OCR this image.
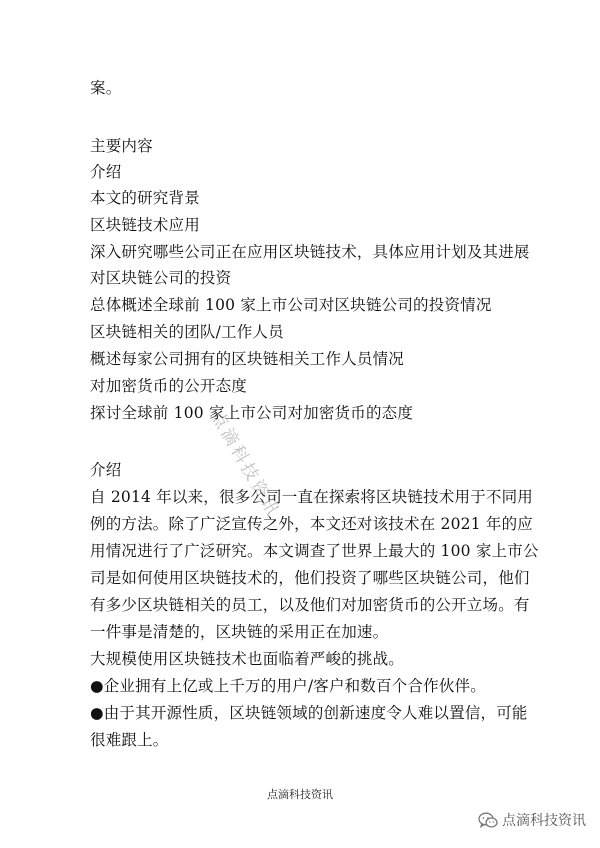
案。
主要内容
介绍
本文的研究背景
区块链技术应用
深入研究哪些公司正在应用区块链技术，具体应用计划及其进展
对区块链公司的投资
总体概述全球前 100 家上市公司对区块链公司的投资情况
区块链相关的团队/工作人员
概述每家公司拥有的区块链相关工作人员情况
对加密货币的公开态度
探讨全球前 100 家上市公司对加密货币的态度
介绍
自 2014 年以来，很多公司一直在探索将区块链技术用于不同用
例的方法。除了广泛宣传之外，本文还对该技术在 2021 年的应
用情况进行了广泛研究。本文调查了世界上最大的 100 家上市公
司是如何使用区块链技术的，他们投资了哪些区块链公司，他们
有多少区块链相关的员工，以及他们对加密货币的公开立场。有
一件事是清楚的，区块链的采用正在加速。
大规模使用区块链技术也面临着严峻的挑战。
●企业拥有上亿或上千万的用户/客户和数百个合作伙伴。
●由于其开源性质，区块链领域的创新速度令人难以置信，可能
很难跟上。
点滴科技资讯
点滴科技资讯
点滴科技资讯
